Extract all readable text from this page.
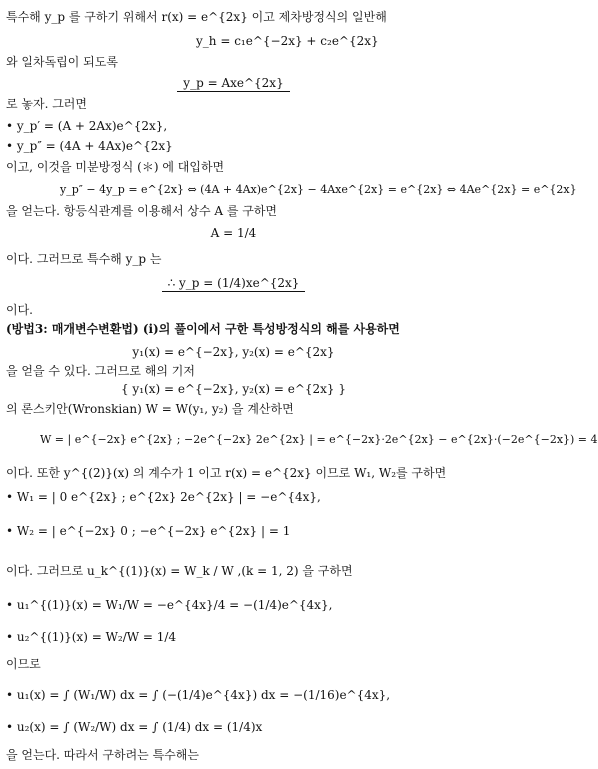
특수해 y_p 를 구하기 위해서 r(x) = e^{2x} 이고 제차방정식의 일반해
y_h = c₁e^{−2x} + c₂e^{2x}
와 일차독립이 되도록
y_p = Axe^{2x}
로 놓자. 그러면
• y_p′ = (A + 2Ax)e^{2x},
• y_p″ = (4A + 4Ax)e^{2x}
이고, 이것을 미분방정식 (＊) 에 대입하면
y_p″ − 4y_p = e^{2x} ⇔ (4A + 4Ax)e^{2x} − 4Axe^{2x} = e^{2x} ⇔ 4Ae^{2x} = e^{2x}
을 얻는다. 항등식관계를 이용해서 상수 A 를 구하면
A = 1/4
이다. 그러므로 특수해 y_p 는
∴ y_p = (1/4)xe^{2x}
이다.
(방법3: 매개변수변환법) (i)의 풀이에서 구한 특성방정식의 해를 사용하면
y₁(x) = e^{−2x}, y₂(x) = e^{2x}
을 얻을 수 있다. 그러므로 해의 기저
{ y₁(x) = e^{−2x}, y₂(x) = e^{2x} }
의 론스키안(Wronskian) W = W(y₁, y₂) 을 계산하면
W = | e^{−2x} e^{2x} ; −2e^{−2x} 2e^{2x} | = e^{−2x}·2e^{2x} − e^{2x}·(−2e^{−2x}) = 4
이다. 또한 y^{(2)}(x) 의 계수가 1 이고 r(x) = e^{2x} 이므로 W₁, W₂를 구하면
• W₁ = | 0 e^{2x} ; e^{2x} 2e^{2x} | = −e^{4x},
• W₂ = | e^{−2x} 0 ; −e^{−2x} e^{2x} | = 1
이다. 그러므로 u_k^{(1)}(x) = W_k / W ,(k = 1, 2) 을 구하면
• u₁^{(1)}(x) = W₁/W = −e^{4x}/4 = −(1/4)e^{4x},
• u₂^{(1)}(x) = W₂/W = 1/4
이므로
• u₁(x) = ∫ (W₁/W) dx = ∫ (−(1/4)e^{4x}) dx = −(1/16)e^{4x},
• u₂(x) = ∫ (W₂/W) dx = ∫ (1/4) dx = (1/4)x
을 얻는다. 따라서 구하려는 특수해는
